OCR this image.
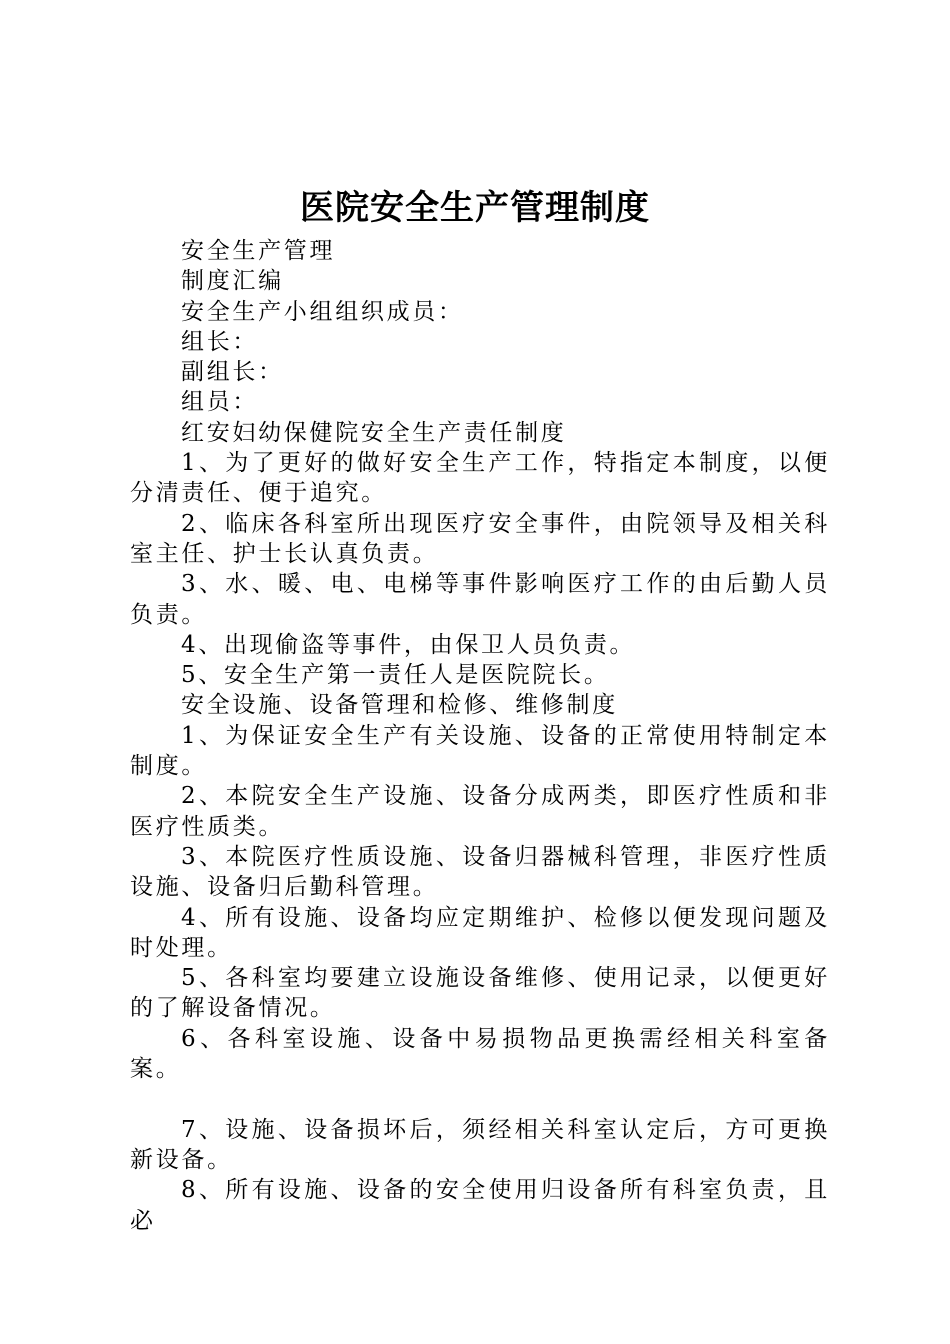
医院安全生产管理制度

安全生产管理

制度汇编

安全生产小组组织成员：

组长：

副组长：

组员：

红安妇幼保健院安全生产责任制度

1、为了更好的做好安全生产工作，特指定本制度，以便分清责任、便于追究。

2、临床各科室所出现医疗安全事件，由院领导及相关科室主任、护士长认真负责。

3、水、暖、电、电梯等事件影响医疗工作的由后勤人员负责。

4、出现偷盗等事件，由保卫人员负责。

5、安全生产第一责任人是医院院长。

安全设施、设备管理和检修、维修制度

1、为保证安全生产有关设施、设备的正常使用特制定本制度。

2、本院安全生产设施、设备分成两类，即医疗性质和非医疗性质类。

3、本院医疗性质设施、设备归器械科管理，非医疗性质设施、设备归后勤科管理。

4、所有设施、设备均应定期维护、检修以便发现问题及时处理。

5、各科室均要建立设施设备维修、使用记录，以便更好的了解设备情况。

6、各科室设施、设备中易损物品更换需经相关科室备案。

7、设施、设备损坏后，须经相关科室认定后，方可更换新设备。

8、所有设施、设备的安全使用归设备所有科室负责，且必
